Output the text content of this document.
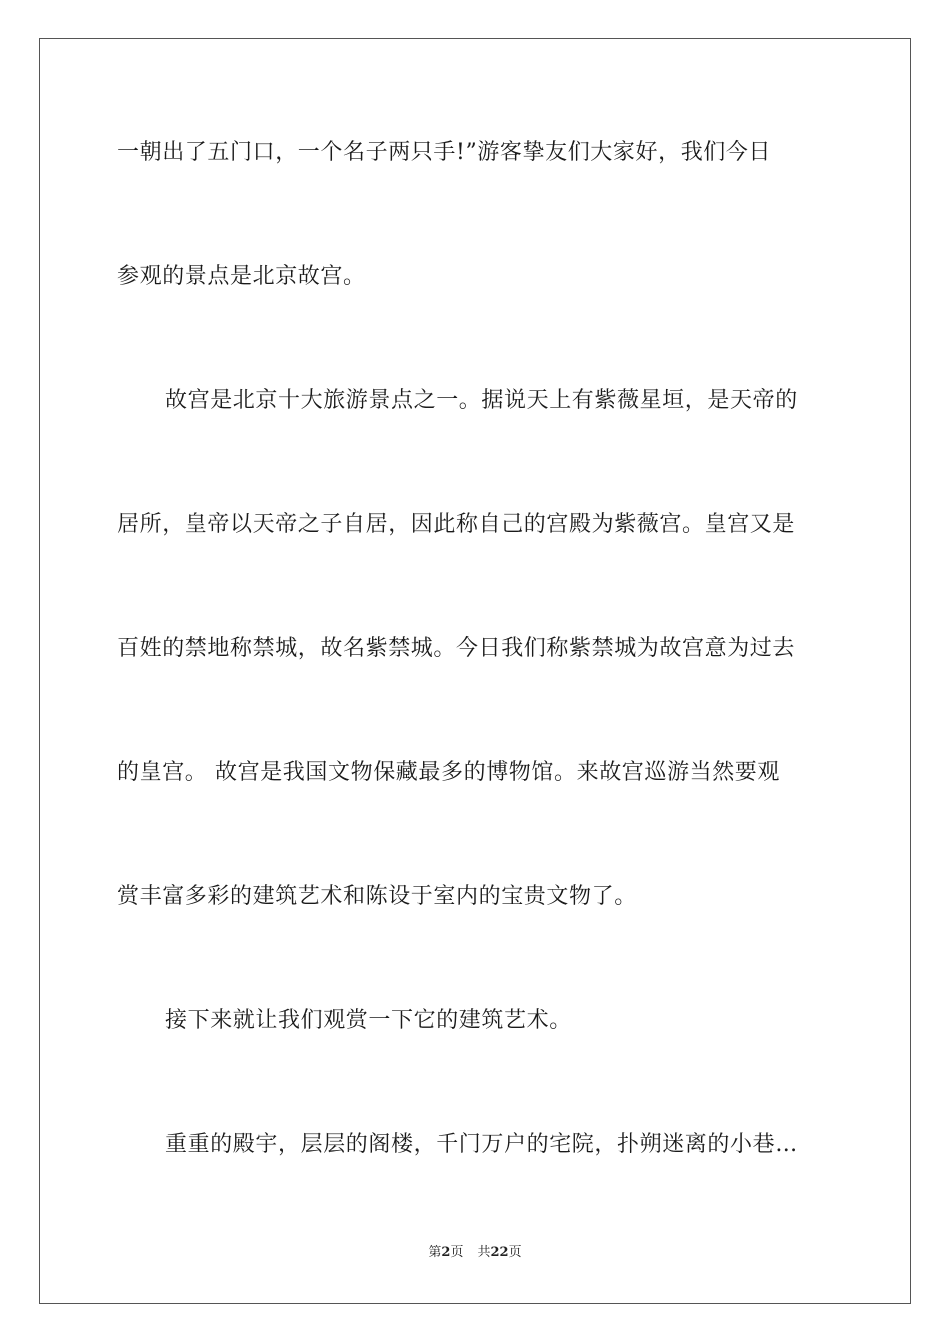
一朝出了五门口，一个名子两只手!”游客挚友们大家好，我们今日
参观的景点是北京故宫。
故宫是北京十大旅游景点之一。据说天上有紫薇星垣，是天帝的
居所，皇帝以天帝之子自居，因此称自己的宫殿为紫薇宫。皇宫又是
百姓的禁地称禁城，故名紫禁城。今日我们称紫禁城为故宫意为过去
的皇宫。 故宫是我国文物保藏最多的博物馆。来故宫巡游当然要观
赏丰富多彩的建筑艺术和陈设于室内的宝贵文物了。
接下来就让我们观赏一下它的建筑艺术。
重重的殿宇，层层的阁楼，千门万户的宅院，扑朔迷离的小巷…
第2页 共22页
